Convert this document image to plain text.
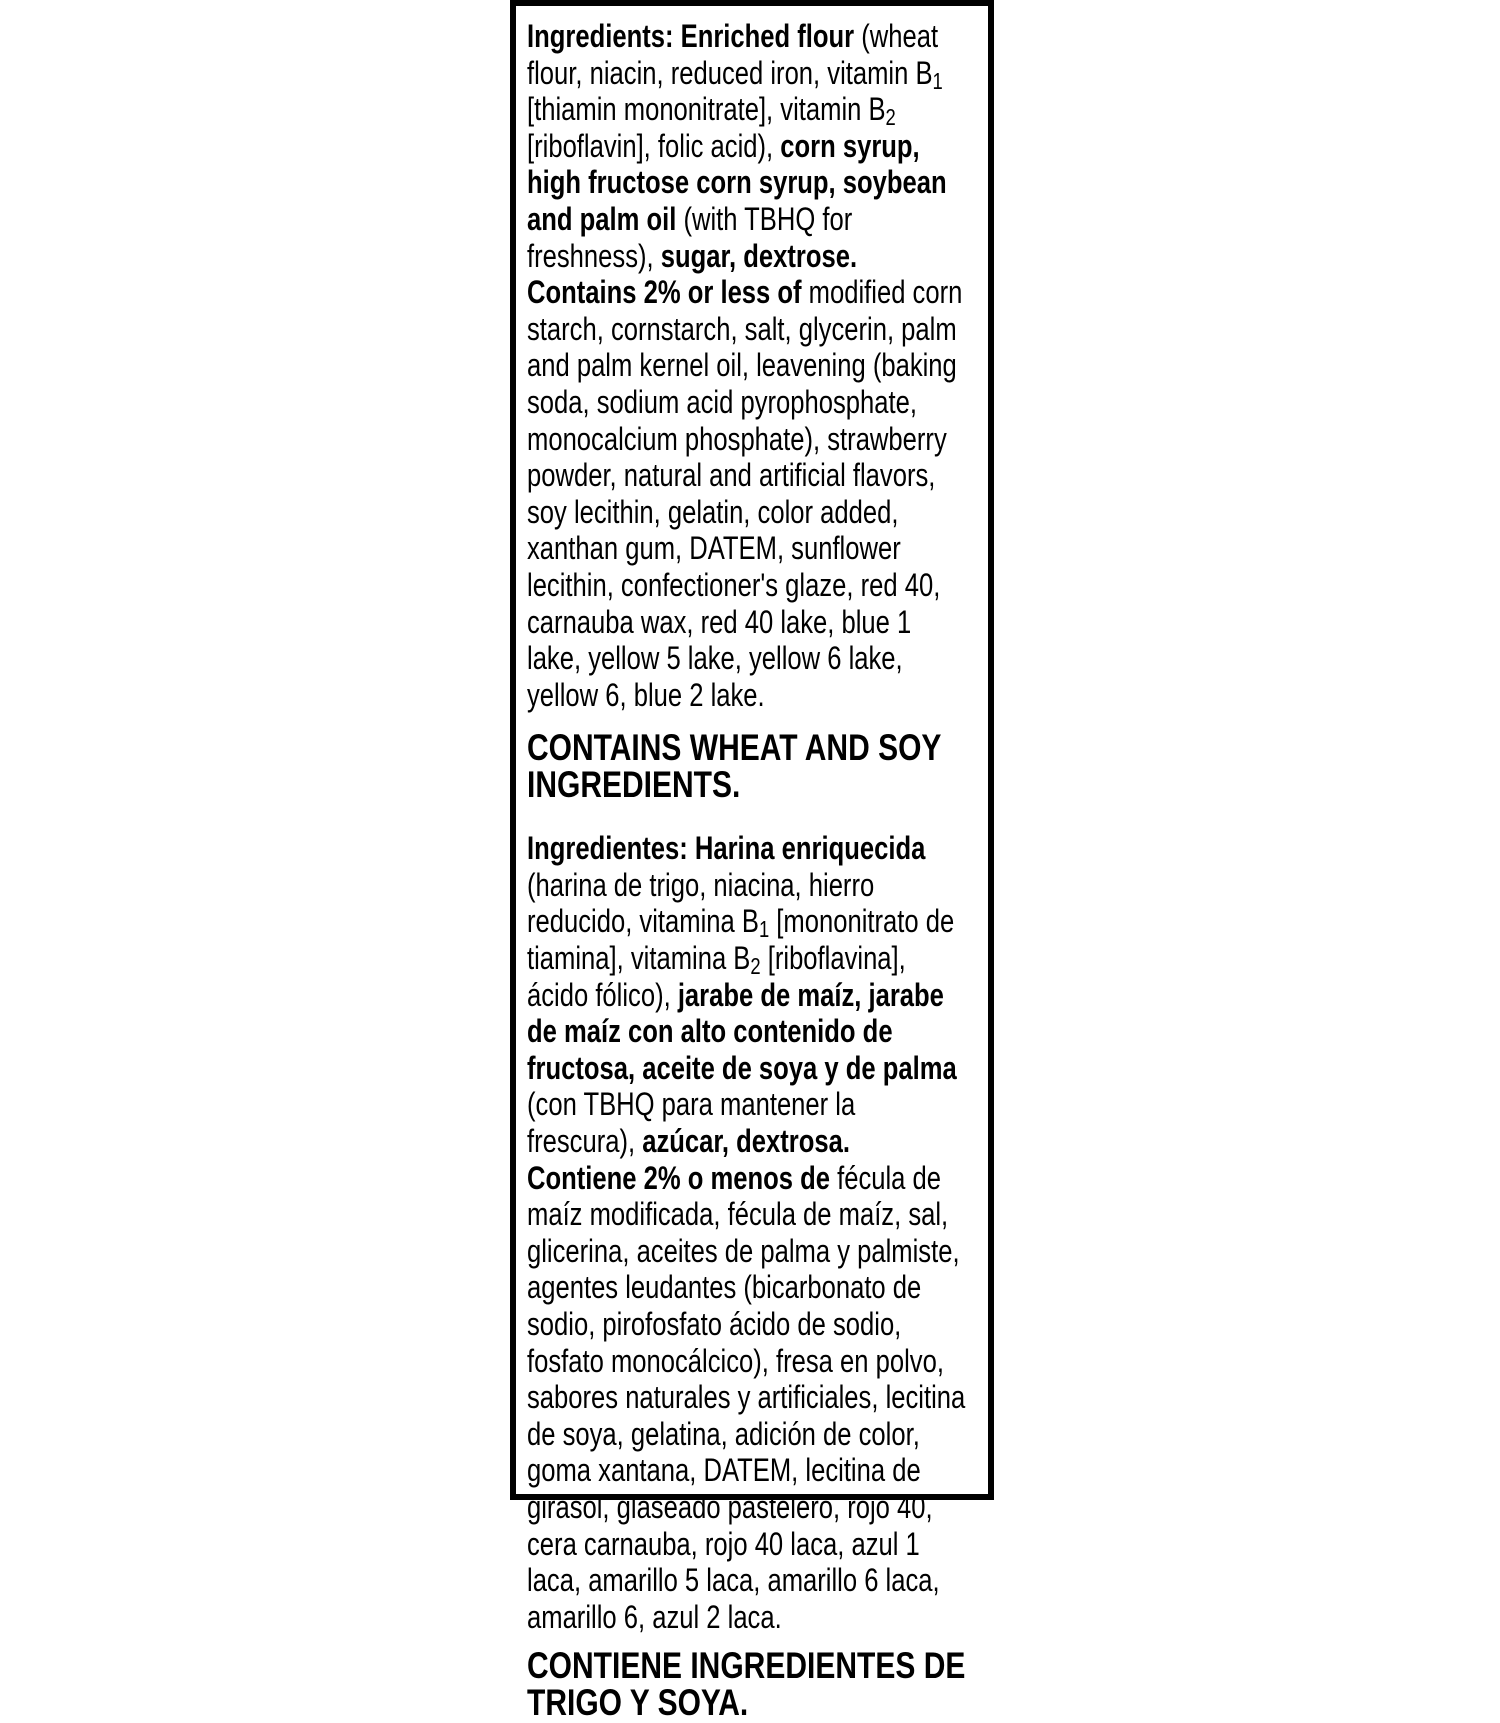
Ingredients: Enriched flour (wheat flour, niacin, reduced iron, vitamin $B_1$ [thiamin mononitrate], vitamin $B_2$ [riboflavin], folic acid), corn syrup, high fructose corn syrup, soybean and palm oil (with TBHQ for freshness), sugar, dextrose.

Contains 2% or less of modified corn starch, cornstarch, salt, glycerin, palm and palm kernel oil, leavening (baking soda, sodium acid pyrophosphate, monocalcium phosphate), strawberry powder, natural and artificial flavors, soy lecithin, gelatin, color added, xanthan gum, DATEM, sunflower lecithin, confectioner's glaze, red 40, carnauba wax, red 40 lake, blue 1 lake, yellow 5 lake, yellow 6 lake, yellow 6, blue 2 lake.

CONTAINS WHEAT AND SOY INGREDIENTS.

Ingredientes: Harina enriquecida (harina de trigo, niacina, hierro reducido, vitamina $B_1$ [mononitrato de tiamina], vitamina $B_2$ [riboflavina], ácido fólico), jarabe de maíz, jarabe de maíz con alto contenido de fructosa, aceite de soya y de palma (con TBHQ para mantener la frescura), azúcar, dextrosa.

Contiene 2% o menos de fécula de maíz modificada, fécula de maíz, sal, glicerina, aceites de palma y palmiste, agentes leudantes (bicarbonato de sodio, pirofosfato ácido de sodio, fosfato monocálcico), fresa en polvo, sabores naturales y artificiales, lecitina de soya, gelatina, adición de color, goma xantana, DATEM, lecitina de girasol, glaseado pastelero, rojo 40, cera carnauba, rojo 40 laca, azul 1 laca, amarillo 5 laca, amarillo 6 laca, amarillo 6, azul 2 laca.

CONTIENE INGREDIENTES DE TRIGO Y SOYA.
